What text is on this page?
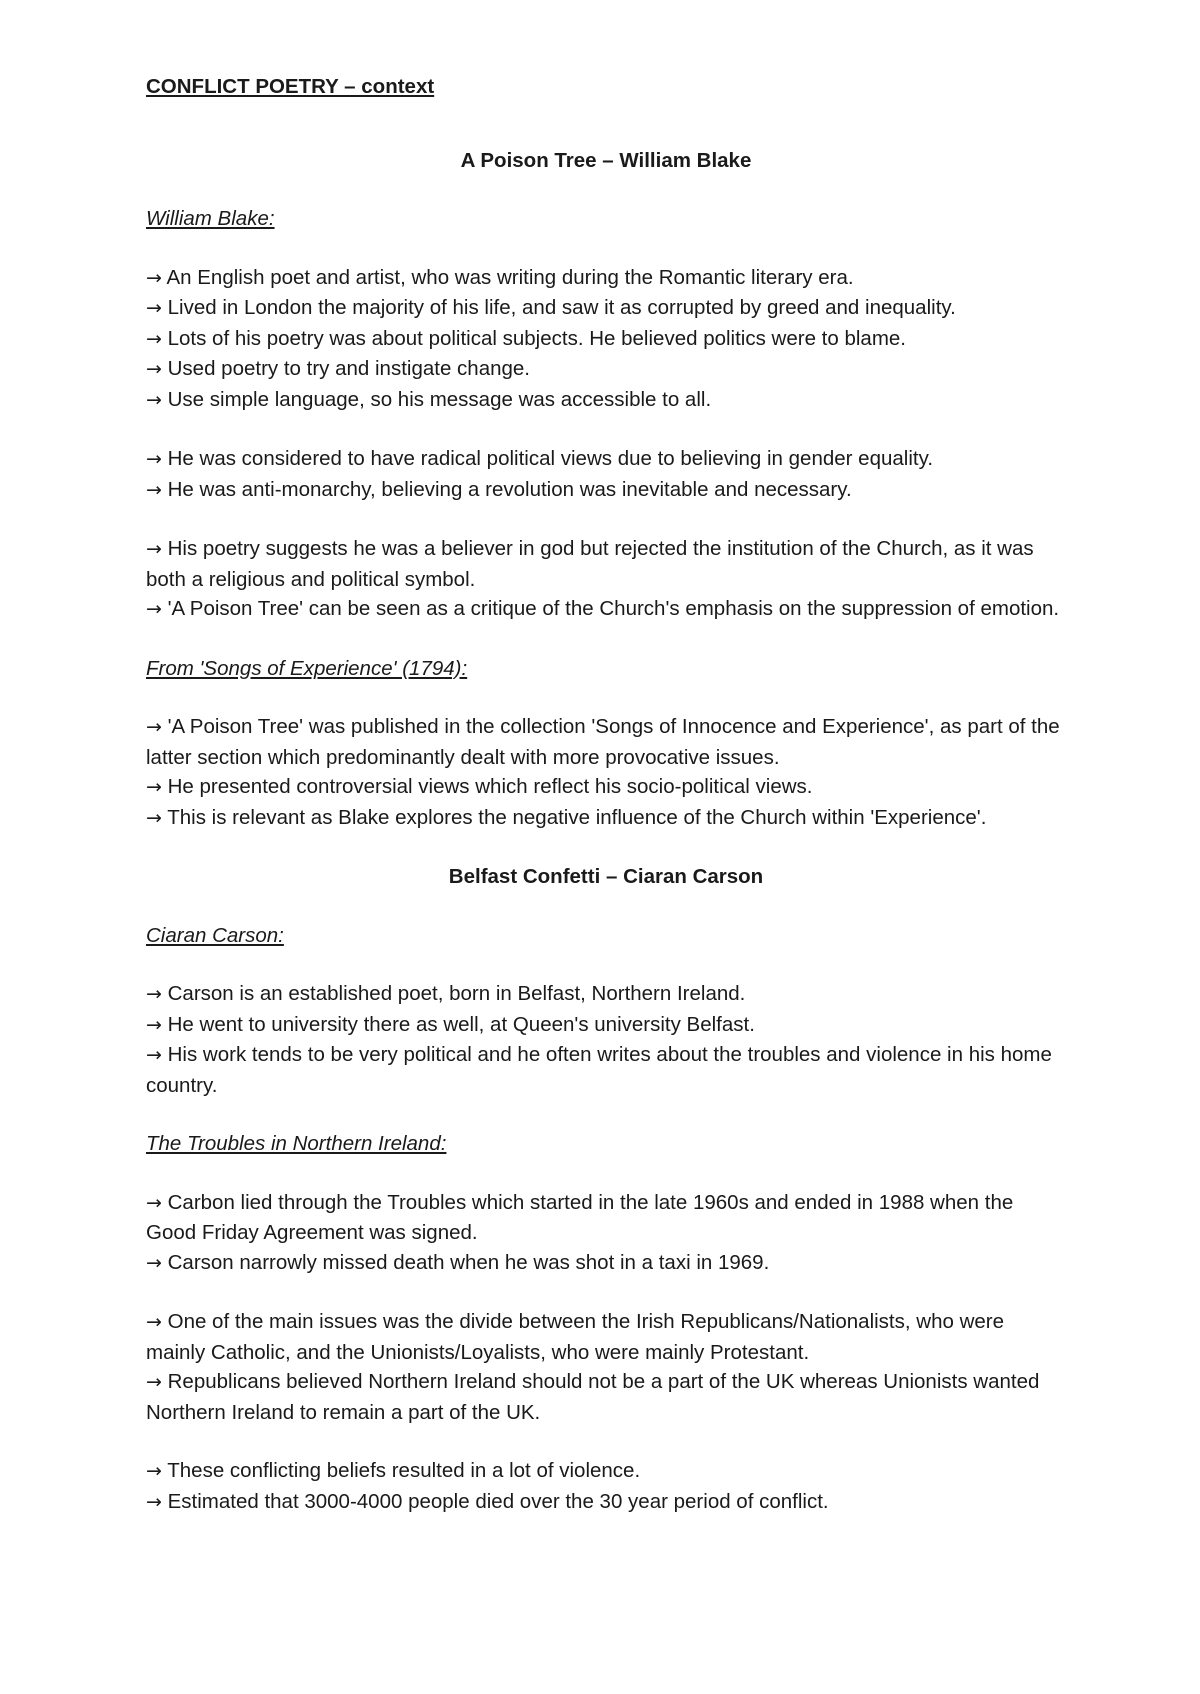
CONFLICT POETRY – context
A Poison Tree – William Blake
William Blake:
→ An English poet and artist, who was writing during the Romantic literary era.
→ Lived in London the majority of his life, and saw it as corrupted by greed and inequality.
→ Lots of his poetry was about political subjects. He believed politics were to blame.
→ Used poetry to try and instigate change.
→ Use simple language, so his message was accessible to all.
→ He was considered to have radical political views due to believing in gender equality.
→ He was anti-monarchy, believing a revolution was inevitable and necessary.
→ His poetry suggests he was a believer in god but rejected the institution of the Church, as it was both a religious and political symbol.
→ 'A Poison Tree' can be seen as a critique of the Church's emphasis on the suppression of emotion.
From 'Songs of Experience' (1794):
→ 'A Poison Tree' was published in the collection 'Songs of Innocence and Experience', as part of the latter section which predominantly dealt with more provocative issues.
→ He presented controversial views which reflect his socio-political views.
→ This is relevant as Blake explores the negative influence of the Church within 'Experience'.
Belfast Confetti – Ciaran Carson
Ciaran Carson:
→ Carson is an established poet, born in Belfast, Northern Ireland.
→ He went to university there as well, at Queen's university Belfast.
→ His work tends to be very political and he often writes about the troubles and violence in his home country.
The Troubles in Northern Ireland:
→ Carbon lied through the Troubles which started in the late 1960s and ended in 1988 when the Good Friday Agreement was signed.
→ Carson narrowly missed death when he was shot in a taxi in 1969.
→ One of the main issues was the divide between the Irish Republicans/Nationalists, who were mainly Catholic, and the Unionists/Loyalists, who were mainly Protestant.
→ Republicans believed Northern Ireland should not be a part of the UK whereas Unionists wanted Northern Ireland to remain a part of the UK.
→ These conflicting beliefs resulted in a lot of violence.
→ Estimated that 3000-4000 people died over the 30 year period of conflict.
